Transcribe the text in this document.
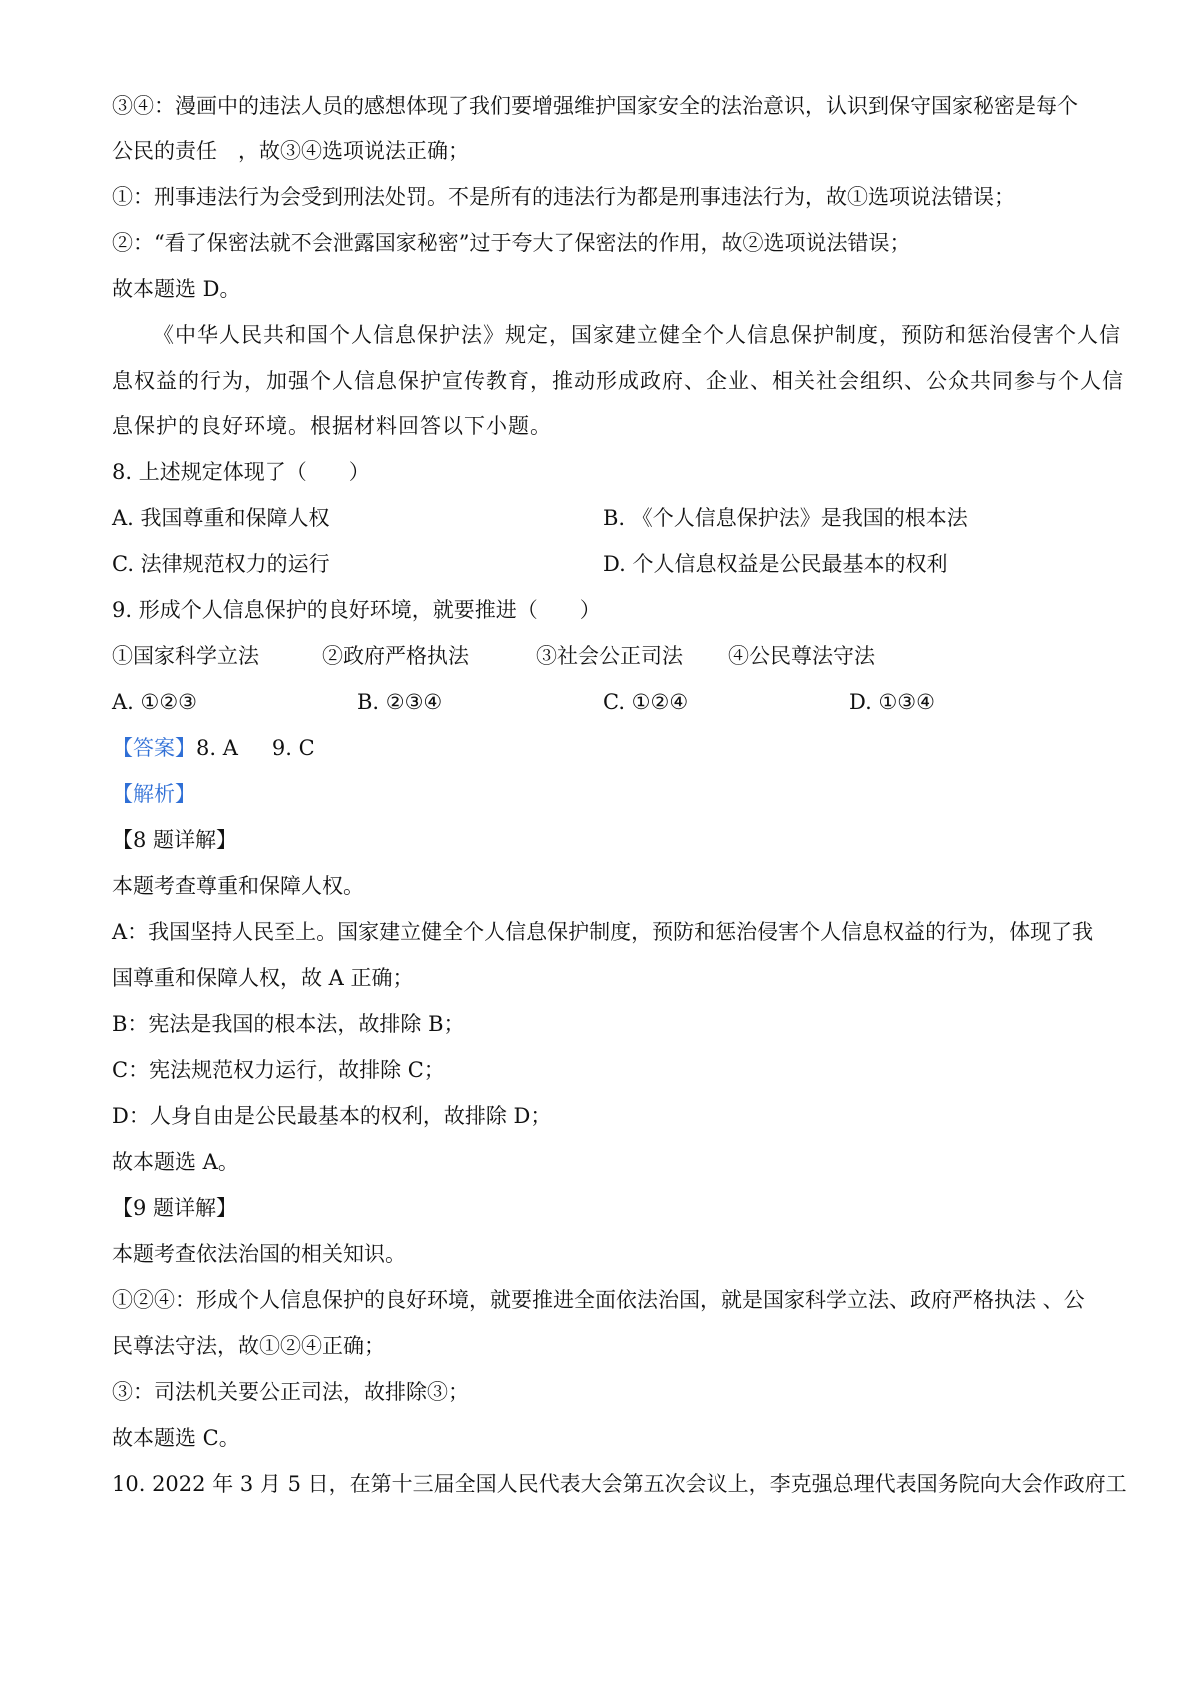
③④：漫画中的违法人员的感想体现了我们要增强维护国家安全的法治意识，认识到保守国家秘密是每个
公民的责任　，故③④选项说法正确；
①：刑事违法行为会受到刑法处罚。不是所有的违法行为都是刑事违法行为，故①选项说法错误；
②：“看了保密法就不会泄露国家秘密”过于夸大了保密法的作用，故②选项说法错误；
故本题选 D。
《中华人民共和国个人信息保护法》规定，国家建立健全个人信息保护制度，预防和惩治侵害个人信
息权益的行为，加强个人信息保护宣传教育，推动形成政府、企业、相关社会组织、公众共同参与个人信
息保护的良好环境。根据材料回答以下小题。
8. 上述规定体现了（　　）
A. 我国尊重和保障人权	B. 《个人信息保护法》是我国的根本法
C. 法律规范权力的运行	D. 个人信息权益是公民最基本的权利
9. 形成个人信息保护的良好环境，就要推进（　　）
①国家科学立法	②政府严格执法	③社会公正司法 ④公民尊法守法
A. ①②③	B. ②③④	C. ①②④	D. ①③④
【答案】8. A 9. C
【解析】
【8 题详解】
本题考查尊重和保障人权。
A：我国坚持人民至上。国家建立健全个人信息保护制度，预防和惩治侵害个人信息权益的行为，体现了我
国尊重和保障人权，故 A 正确；
B：宪法是我国的根本法，故排除 B；
C：宪法规范权力运行，故排除 C；
D：人身自由是公民最基本的权利，故排除 D；
故本题选 A。
【9 题详解】
本题考查依法治国的相关知识。
①②④：形成个人信息保护的良好环境，就要推进全面依法治国，就是国家科学立法、政府严格执法 、公
民尊法守法，故①②④正确；
③：司法机关要公正司法，故排除③；
故本题选 C。
10. 2022 年 3 月 5 日，在第十三届全国人民代表大会第五次会议上，李克强总理代表国务院向大会作政府工
